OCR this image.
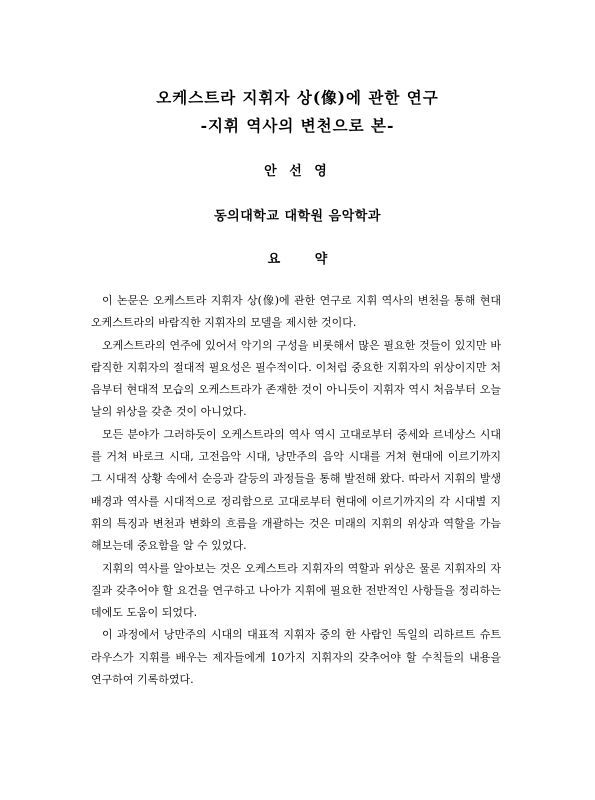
오케스트라 지휘자 상(像)에 관한 연구
-지휘 역사의 변천으로 본-
안 선 영
동의대학교 대학원 음악학과
요 약

이 논문은 오케스트라 지휘자 상(像)에 관한 연구로 지휘 역사의 변천을 통해 현대 오케스트라의 바람직한 지휘자의 모델을 제시한 것이다.

오케스트라의 연주에 있어서 악기의 구성을 비롯해서 많은 필요한 것들이 있지만 바람직한 지휘자의 절대적 필요성은 필수적이다. 이처럼 중요한 지휘자의 위상이지만 처음부터 현대적 모습의 오케스트라가 존재한 것이 아니듯이 지휘자 역시 처음부터 오늘날의 위상을 갖춘 것이 아니었다.

모든 분야가 그러하듯이 오케스트라의 역사 역시 고대로부터 중세와 르네상스 시대를 거쳐 바로크 시대, 고전음악 시대, 낭만주의 음악 시대를 거쳐 현대에 이르기까지 그 시대적 상황 속에서 순응과 갈등의 과정들을 통해 발전해 왔다. 따라서 지휘의 발생 배경과 역사를 시대적으로 정리함으로 고대로부터 현대에 이르기까지의 각 시대별 지휘의 특징과 변천과 변화의 흐름을 개괄하는 것은 미래의 지휘의 위상과 역할을 가늠해보는데 중요함을 알 수 있었다.

지휘의 역사를 알아보는 것은 오케스트라 지휘자의 역할과 위상은 물론 지휘자의 자질과 갖추어야 할 요건을 연구하고 나아가 지휘에 필요한 전반적인 사항들을 정리하는 데에도 도움이 되었다.

이 과정에서 낭만주의 시대의 대표적 지휘자 중의 한 사람인 독일의 리하르트 슈트라우스가 지휘를 배우는 제자들에게 10가지 지휘자의 갖추어야 할 수칙들의 내용을 연구하여 기록하였다.
